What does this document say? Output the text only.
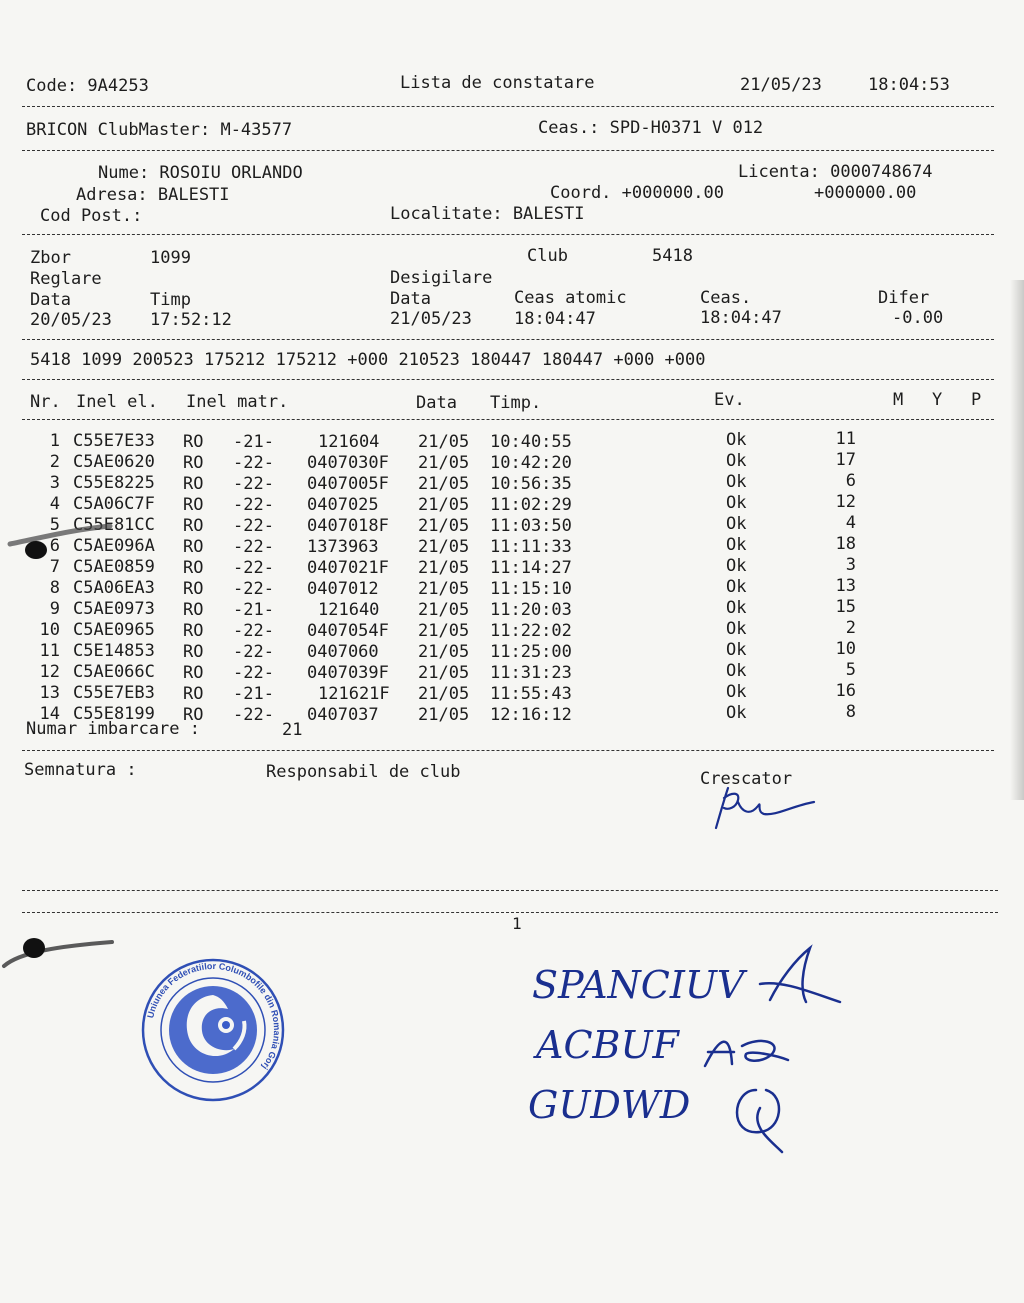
Code: 9A4253	Lista de constatare	21/05/23	18:04:53
BRICON ClubMaster: M-43577	Ceas.: SPD-H0371 V 012
Nume: ROSOIU ORLANDO	Licenta: 0000748674
Adresa: BALESTI	Coord. +000000.00	+000000.00
Cod Post.:	Localitate: BALESTI
Zbor	1099	Club	5418
Reglare	Desigilare
Data	Timp	Data	Ceas atomic	Ceas.	Difer
20/05/23 17:52:12	21/05/23 18:04:47	18:04:47	-0.00
5418 1099 200523 175212 175212 +000 210523 180447 180447 +000 +000
Nr. Inel el. Inel matr.	Data Timp.	Ev.	M Y P
1 C55E7E33 RO -21-	121604 21/05 10:40:55	Ok	11
2 C5AE0620 RO -22- 0407030F 21/05 10:42:20	Ok	17
3 C55E8225 RO -22- 0407005F 21/05 10:56:35	Ok	6
4 C5A06C7F RO -22- 0407025 21/05 11:02:29	Ok	12
5 C55E81CC RO -22- 0407018F 21/05 11:03:50	Ok	4
6 C5AE096A RO -22- 1373963 21/05 11:11:33	Ok	18
7 C5AE0859 RO -22- 0407021F 21/05 11:14:27	Ok	3
8 C5A06EA3 RO -22- 0407012 21/05 11:15:10	Ok	13
9 C5AE0973 RO -21-	121640 21/05 11:20:03	Ok	15
10 C5AE0965 RO -22- 0407054F 21/05 11:22:02	Ok	2
11 C5E14853 RO -22- 0407060 21/05 11:25:00	Ok	10
12 C5AE066C RO -22- 0407039F 21/05 11:31:23	Ok	5
13 C55E7EB3 RO -21-	121621F 21/05 11:55:43	Ok	16
14 C55E8199 RO -22- 0407037 21/05 12:16:12	Ok	8
Numar imbarcare :	21
Semnatura :	Responsabil de club	Crescator
1
Uniunea Federatiilor Columbofile din Romania Gorj
SPANCIUV
ACBUF
GUDWD
